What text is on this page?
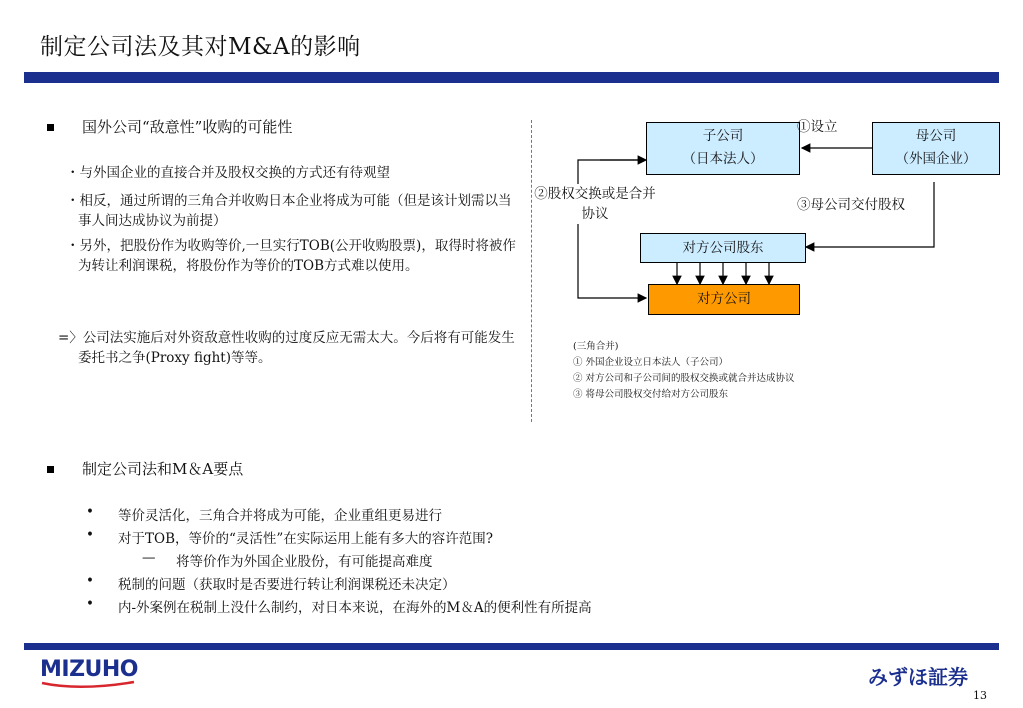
制定公司法及其对M&A的影响
国外公司“敌意性”收购的可能性
・与外国企业的直接合并及股权交换的方式还有待观望
・相反，通过所谓的三角合并收购日本企业将成为可能（但是该计划需以当事人间达成协议为前提）
・另外，把股份作为收购等价,一旦实行TOB(公开收购股票)，取得时将被作为转让利润课税，将股份作为等价的TOB方式难以使用。
=〉公司法实施后对外资敌意性收购的过度反应无需太大。今后将有可能发生委托书之争(Proxy fight)等等。
子公司
（日本法人）
母公司
（外国企业）
对方公司股东
对方公司
①设立
②股权交换或是合并协议
③母公司交付股权
(三角合并)
① 外国企业设立日本法人（子公司）
② 对方公司和子公司间的股权交换或就合并达成协议
③ 将母公司股权交付给对方公司股东
制定公司法和M＆A要点
• 等价灵活化，三角合并将成为可能，企业重组更易进行
• 对于TOB，等价的“灵活性”在实际运用上能有多大的容许范围?
— 将等价作为外国企业股份，有可能提高难度
• 税制的问题（获取时是否要进行转让利润课税还未决定）
• 内-外案例在税制上没什么制约，对日本来说，在海外的M＆A的便利性有所提高
MIZUHO	みずほ証券
13
